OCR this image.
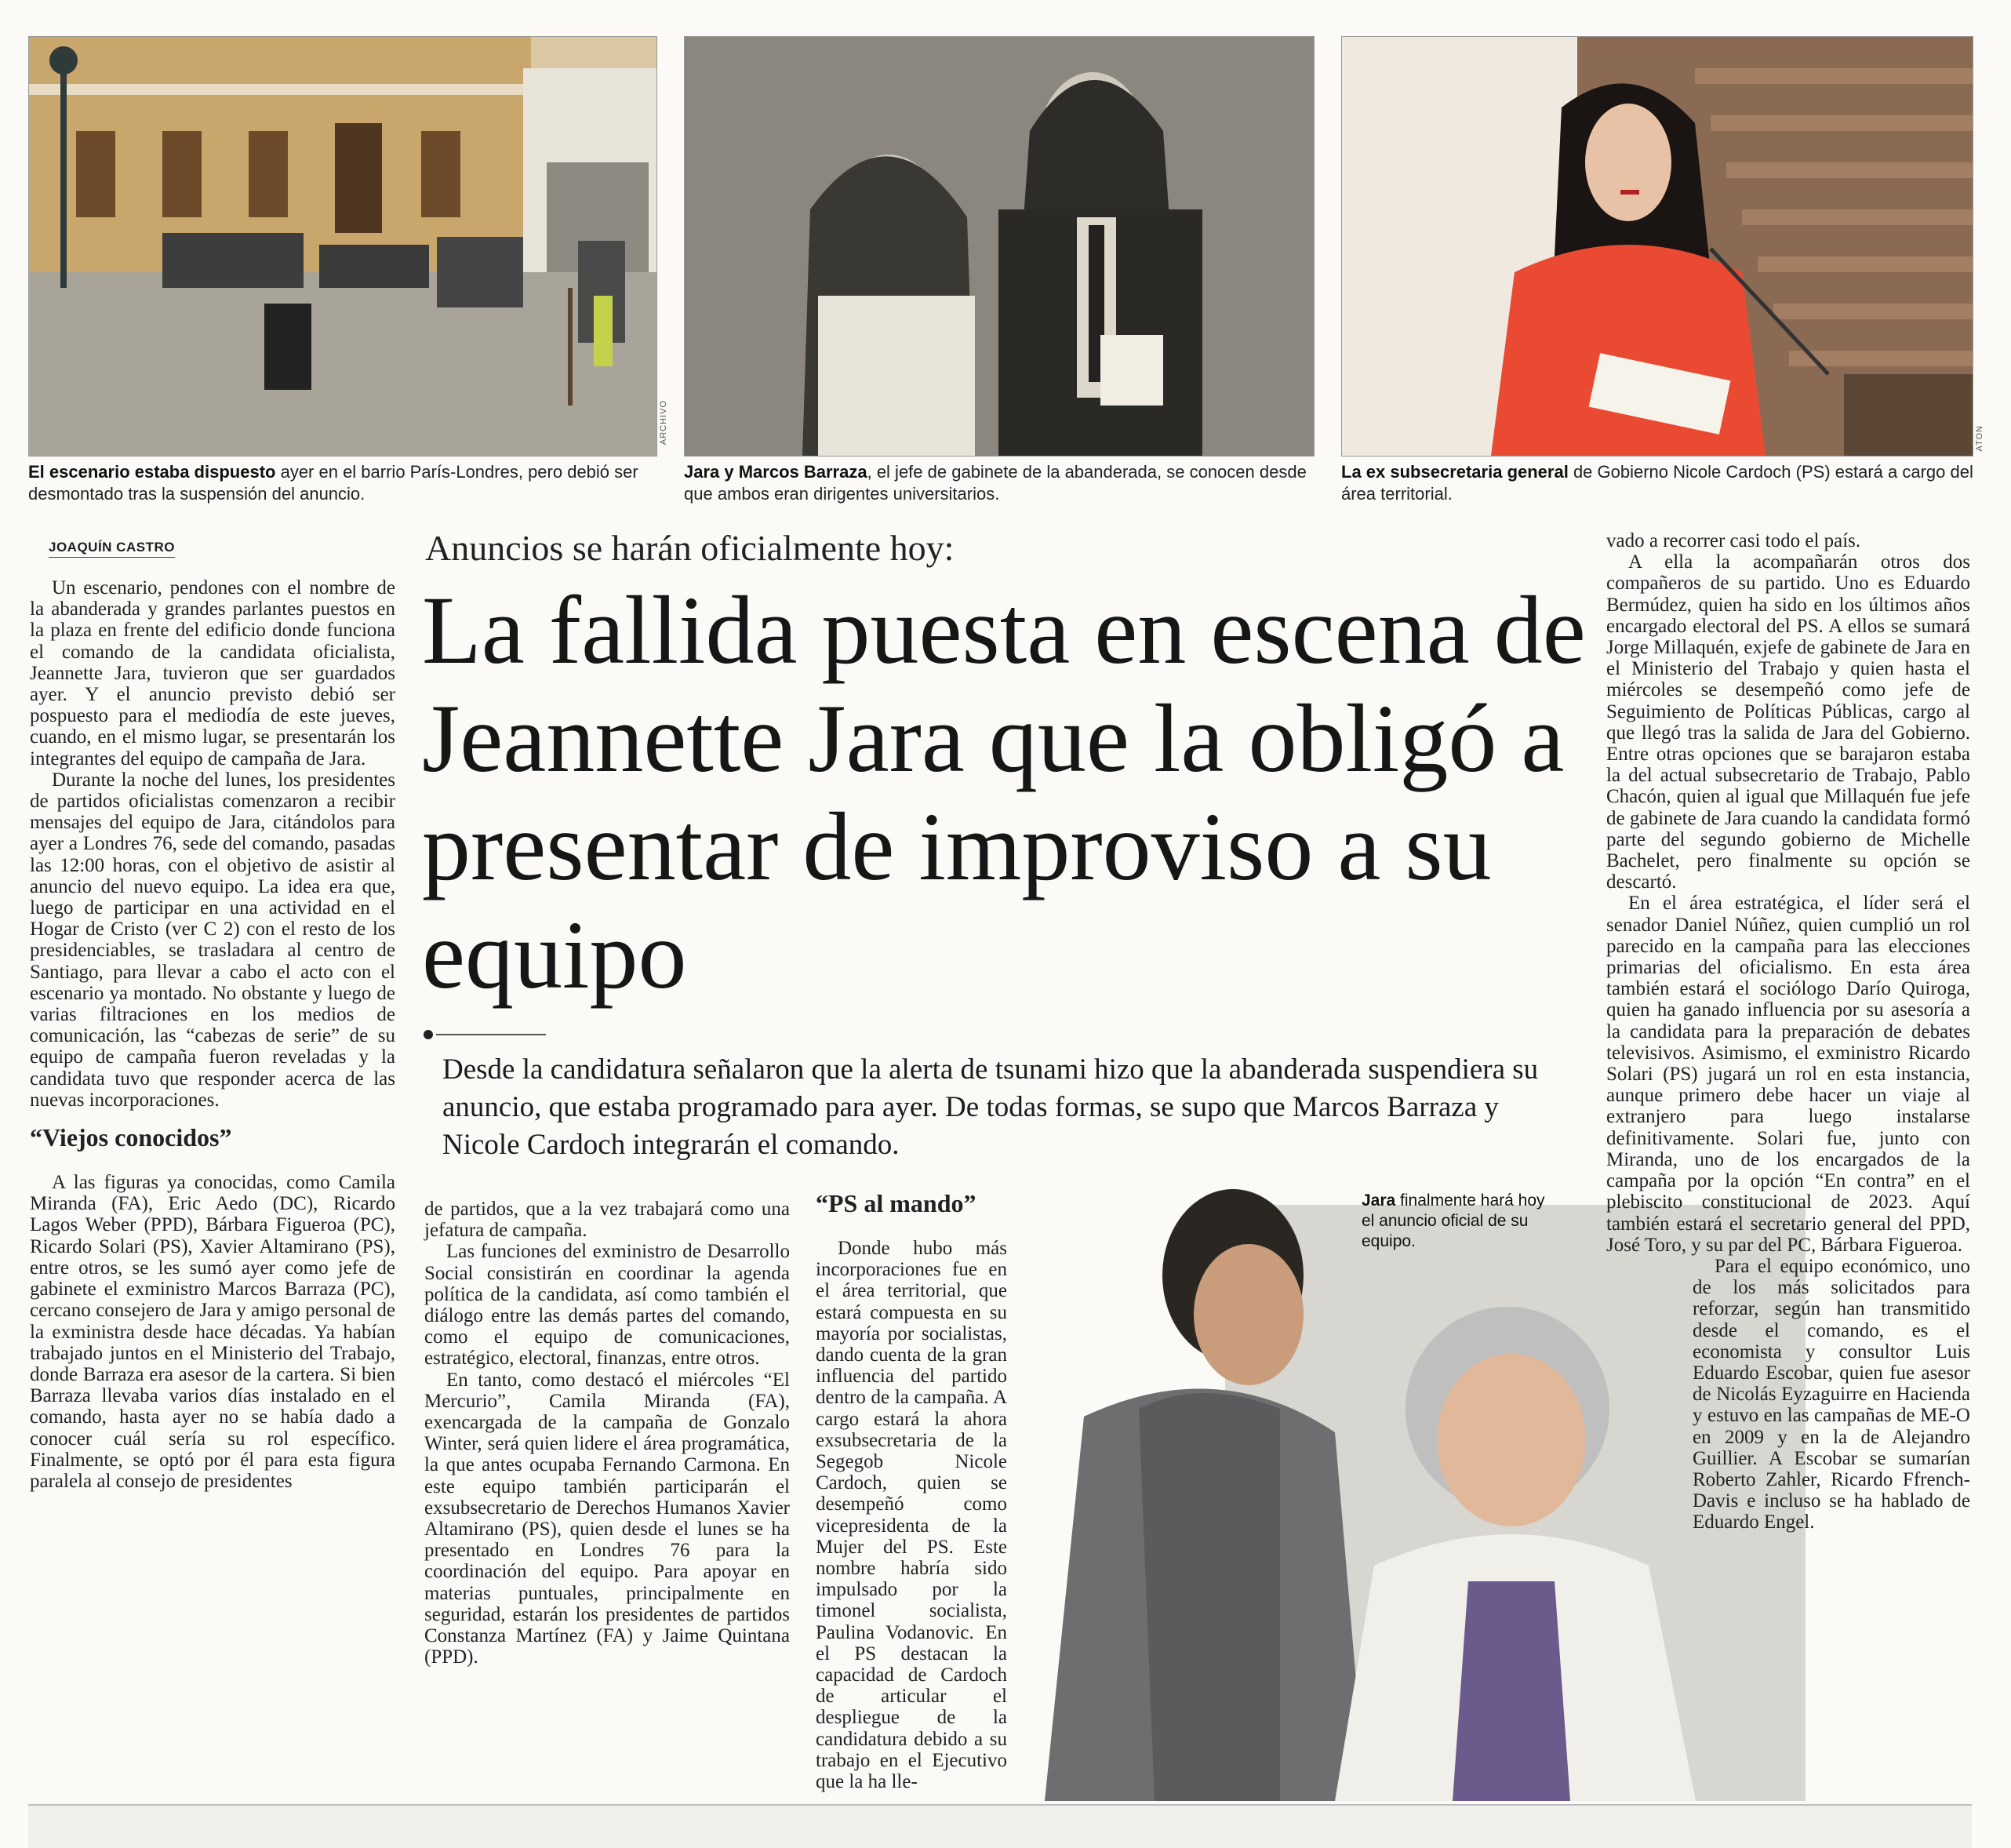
ARCHIVO	ATON
El escenario estaba dispuesto ayer en el barrio París-Londres, pero debió ser desmontado tras la suspensión del anuncio.
Jara y Marcos Barraza, el jefe de gabinete de la abanderada, se conocen desde que ambos eran dirigentes universitarios.
La ex subsecretaria general de Gobierno Nicole Cardoch (PS) estará a cargo del área territorial.
JOAQUÍN CASTRO	Anuncios se harán oficialmente hoy:
La fallida puesta en escena de Jeannette Jara que la obligó a presentar de improviso a su equipo
Desde la candidatura señalaron que la alerta de tsunami hizo que la abanderada suspendiera su anuncio, que estaba programado para ayer. De todas formas, se supo que Marcos Barraza y Nicole Cardoch integrarán el comando.

Un escenario, pendones con el nombre de la abanderada y grandes parlantes puestos en la plaza en frente del edificio donde funciona el comando de la candidata oficialista, Jeannette Jara, tuvieron que ser guardados ayer. Y el anuncio previsto debió ser pospuesto para el mediodía de este jueves, cuando, en el mismo lugar, se presentarán los integrantes del equipo de campaña de Jara.

Durante la noche del lunes, los presidentes de partidos oficialistas comenzaron a recibir mensajes del equipo de Jara, citándolos para ayer a Londres 76, sede del comando, pasadas las 12:00 horas, con el objetivo de asistir al anuncio del nuevo equipo. La idea era que, luego de participar en una actividad en el Hogar de Cristo (ver C 2) con el resto de los presidenciables, se trasladara al centro de Santiago, para llevar a cabo el acto con el escenario ya montado. No obstante y luego de varias filtraciones en los medios de comunicación, las “cabezas de serie” de su equipo de campaña fueron reveladas y la candidata tuvo que responder acerca de las nuevas incorporaciones.

“Viejos conocidos”

A las figuras ya conocidas, como Camila Miranda (FA), Eric Aedo (DC), Ricardo Lagos Weber (PPD), Bárbara Figueroa (PC), Ricardo Solari (PS), Xavier Altamirano (PS), entre otros, se les sumó ayer como jefe de gabinete el exministro Marcos Barraza (PC), cercano consejero de Jara y amigo personal de la exministra desde hace décadas. Ya habían trabajado juntos en el Ministerio del Trabajo, donde Barraza era asesor de la cartera. Si bien Barraza llevaba varios días instalado en el comando, hasta ayer no se había dado a conocer cuál sería su rol específico. Finalmente, se optó por él para esta figura paralela al consejo de presidentes

de partidos, que a la vez trabajará como una jefatura de campaña.

Las funciones del exministro de Desarrollo Social consistirán en coordinar la agenda política de la candidata, así como también el diálogo entre las demás partes del comando, como el equipo de comunicaciones, estratégico, electoral, finanzas, entre otros.

En tanto, como destacó el miércoles “El Mercurio”, Camila Miranda (FA), exencargada de la campaña de Gonzalo Winter, será quien lidere el área programática, la que antes ocupaba Fernando Carmona. En este equipo también participarán el exsubsecretario de Derechos Humanos Xavier Altamirano (PS), quien desde el lunes se ha presentado en Londres 76 para la coordinación del equipo. Para apoyar en materias puntuales, principalmente en seguridad, estarán los presidentes de partidos Constanza Martínez (FA) y Jaime Quintana (PPD).

Jara finalmente hará hoy el anuncio oficial de su equipo.
“PS al mando”

Donde hubo más incorporaciones fue en el área territorial, que estará compuesta en su mayoría por socialistas, dando cuenta de la gran influencia del partido dentro de la campaña. A cargo estará la ahora exsubsecretaria de la Segegob Nicole Cardoch, quien se desempeñó como vicepresidenta de la Mujer del PS. Este nombre habría sido impulsado por la timonel socialista, Paulina Vodanovic. En el PS destacan la capacidad de Cardoch de articular el despliegue de la candidatura debido a su trabajo en el Ejecutivo que la ha lle-

vado a recorrer casi todo el país.

A ella la acompañarán otros dos compañeros de su partido. Uno es Eduardo Bermúdez, quien ha sido en los últimos años encargado electoral del PS. A ellos se sumará Jorge Millaquén, exjefe de gabinete de Jara en el Ministerio del Trabajo y quien hasta el miércoles se desempeñó como jefe de Seguimiento de Políticas Públicas, cargo al que llegó tras la salida de Jara del Gobierno. Entre otras opciones que se barajaron estaba la del actual subsecretario de Trabajo, Pablo Chacón, quien al igual que Millaquén fue jefe de gabinete de Jara cuando la candidata formó parte del segundo gobierno de Michelle Bachelet, pero finalmente su opción se descartó.

En el área estratégica, el líder será el senador Daniel Núñez, quien cumplió un rol parecido en la campaña para las elecciones primarias del oficialismo. En esta área también estará el sociólogo Darío Quiroga, quien ha ganado influencia por su asesoría a la candidata para la preparación de debates televisivos. Asimismo, el exministro Ricardo Solari (PS) jugará un rol en esta instancia, aunque primero debe hacer un viaje al extranjero para luego instalarse definitivamente. Solari fue, junto con Miranda, uno de los encargados de la campaña por la opción “En contra” en el plebiscito constitucional de 2023. Aquí también estará el secretario general del PPD, José Toro, y su par del PC, Bárbara Figueroa.

Para el equipo económico, uno de los más solicitados para reforzar, según han transmitido desde el comando, es el economista y consultor Luis Eduardo Escobar, quien fue asesor de Nicolás Eyzaguirre en Hacienda y estuvo en las campañas de ME-O en 2009 y en la de Alejandro Guillier. A Escobar se sumarían Roberto Zahler, Ricardo Ffrench-Davis e incluso se ha hablado de Eduardo Engel.
